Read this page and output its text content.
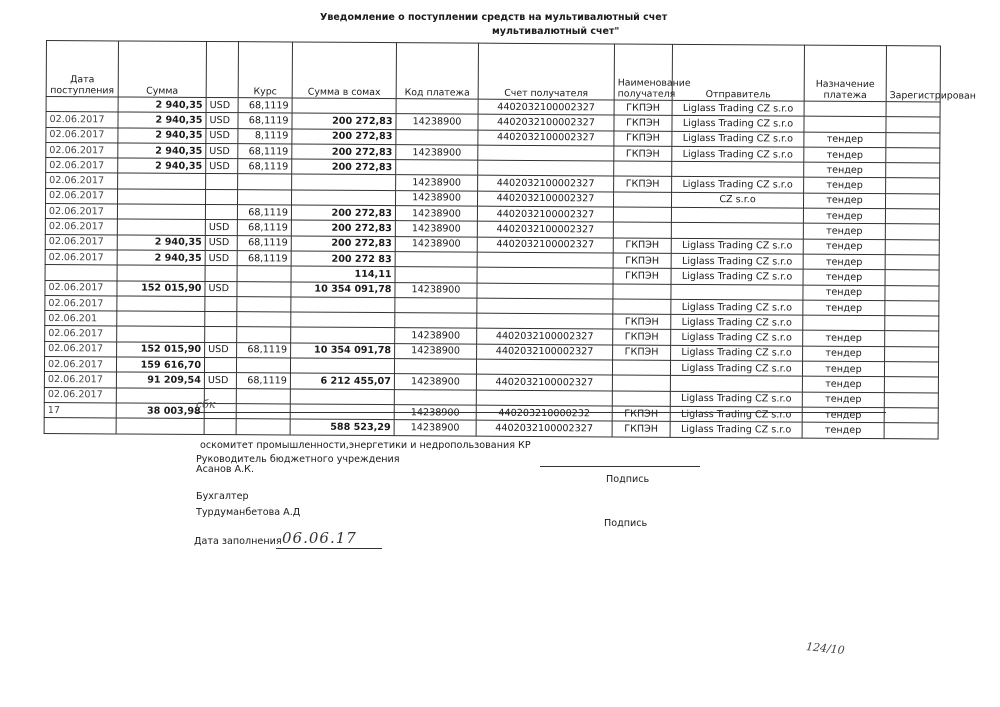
Уведомление о поступлении средств на мультивалютный счет
мультивалютный счет"
Дата поступления	Сумма		Курс	Сумма в сомах	Код платежа	Счет получателя	Наименование получателя	Отправитель	Назначение платежа	Зарегистрирован
	2 940,35	USD	68,1119			4402032100002327	ГКПЭН	Liglass Trading CZ s.r.o		
02.06.2017	2 940,35	USD	68,1119	200 272,83	14238900	4402032100002327	ГКПЭН	Liglass Trading CZ s.r.o		
02.06.2017	2 940,35	USD	8,1119	200 272,83		4402032100002327	ГКПЭН	Liglass Trading CZ s.r.o	тендер	
02.06.2017	2 940,35	USD	68,1119	200 272,83	14238900		ГКПЭН	Liglass Trading CZ s.r.o	тендер	
02.06.2017	2 940,35	USD	68,1119	200 272,83					тендер	
02.06.2017					14238900	4402032100002327	ГКПЭН	Liglass Trading CZ s.r.o	тендер	
02.06.2017					14238900	4402032100002327		CZ s.r.o	тендер	
02.06.2017			68,1119	200 272,83	14238900	4402032100002327			тендер	
02.06.2017		USD	68,1119	200 272,83	14238900	4402032100002327			тендер	
02.06.2017	2 940,35	USD	68,1119	200 272,83	14238900	4402032100002327	ГКПЭН	Liglass Trading CZ s.r.o	тендер	
02.06.2017	2 940,35	USD	68,1119	200 272 83			ГКПЭН	Liglass Trading CZ s.r.o	тендер	
				114,11			ГКПЭН	Liglass Trading CZ s.r.o	тендер	
02.06.2017	152 015,90	USD		10 354 091,78	14238900				тендер	
02.06.2017								Liglass Trading CZ s.r.o	тендер	
02.06.201							ГКПЭН	Liglass Trading CZ s.r.o		
02.06.2017					14238900	4402032100002327	ГКПЭН	Liglass Trading CZ s.r.o	тендер	
02.06.2017	152 015,90	USD	68,1119	10 354 091,78	14238900	4402032100002327	ГКПЭН	Liglass Trading CZ s.r.o	тендер	
02.06.2017	159 616,70							Liglass Trading CZ s.r.o	тендер	
02.06.2017	91 209,54	USD	68,1119	6 212 455,07	14238900	4402032100002327			тендер	
02.06.2017								Liglass Trading CZ s.r.o	тендер	
17	38 003,98				14238900	440203210000232	ГКПЭН	Liglass Trading CZ s.r.o	тендер	
				588 523,29	14238900	4402032100002327	ГКПЭН	Liglass Trading CZ s.r.o	тендер	
сбк
оскомитет промышленности,энергетики и недропользования КР
Руководитель бюджетного учреждения
Асанов А.К.
Подпись
Бухгалтер
Турдуманбетова А.Д
Подпись
Дата заполнения 06.06.17
124/10
